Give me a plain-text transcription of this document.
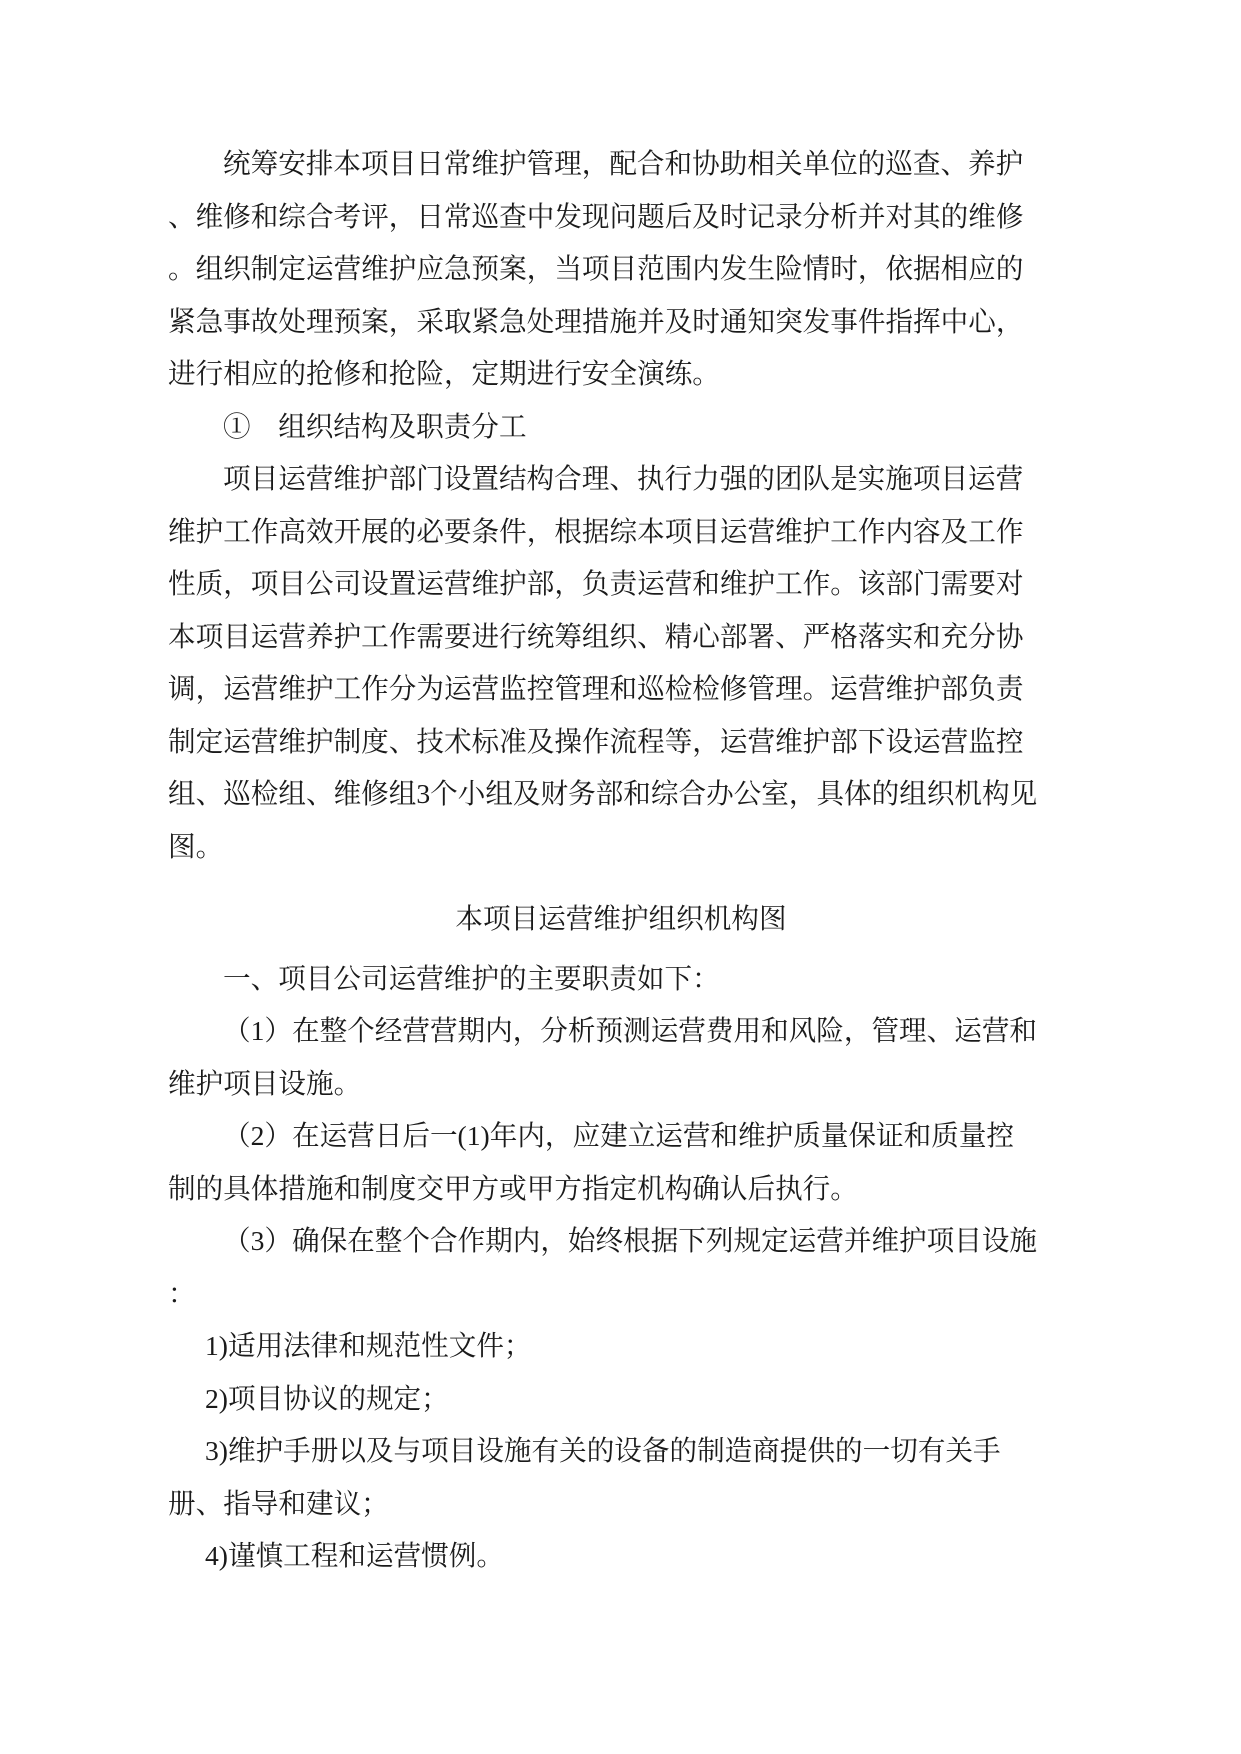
统筹安排本项目日常维护管理，配合和协助相关单位的巡查、养护
、维修和综合考评，日常巡查中发现问题后及时记录分析并对其的维修
。组织制定运营维护应急预案，当项目范围内发生险情时，依据相应的
紧急事故处理预案，采取紧急处理措施并及时通知突发事件指挥中心，
进行相应的抢修和抢险，定期进行安全演练。
①　组织结构及职责分工
项目运营维护部门设置结构合理、执行力强的团队是实施项目运营
维护工作高效开展的必要条件，根据综本项目运营维护工作内容及工作
性质，项目公司设置运营维护部，负责运营和维护工作。该部门需要对
本项目运营养护工作需要进行统筹组织、精心部署、严格落实和充分协
调，运营维护工作分为运营监控管理和巡检检修管理。运营维护部负责
制定运营维护制度、技术标准及操作流程等，运营维护部下设运营监控
组、巡检组、维修组3个小组及财务部和综合办公室，具体的组织机构见
图。
本项目运营维护组织机构图
一、项目公司运营维护的主要职责如下：
（1）在整个经营营期内，分析预测运营费用和风险，管理、运营和
维护项目设施。
（2）在运营日后一(1)年内，应建立运营和维护质量保证和质量控
制的具体措施和制度交甲方或甲方指定机构确认后执行。
（3）确保在整个合作期内，始终根据下列规定运营并维护项目设施
：
1)适用法律和规范性文件；
2)项目协议的规定；
3)维护手册以及与项目设施有关的设备的制造商提供的一切有关手
册、指导和建议；
4)谨慎工程和运营惯例。
